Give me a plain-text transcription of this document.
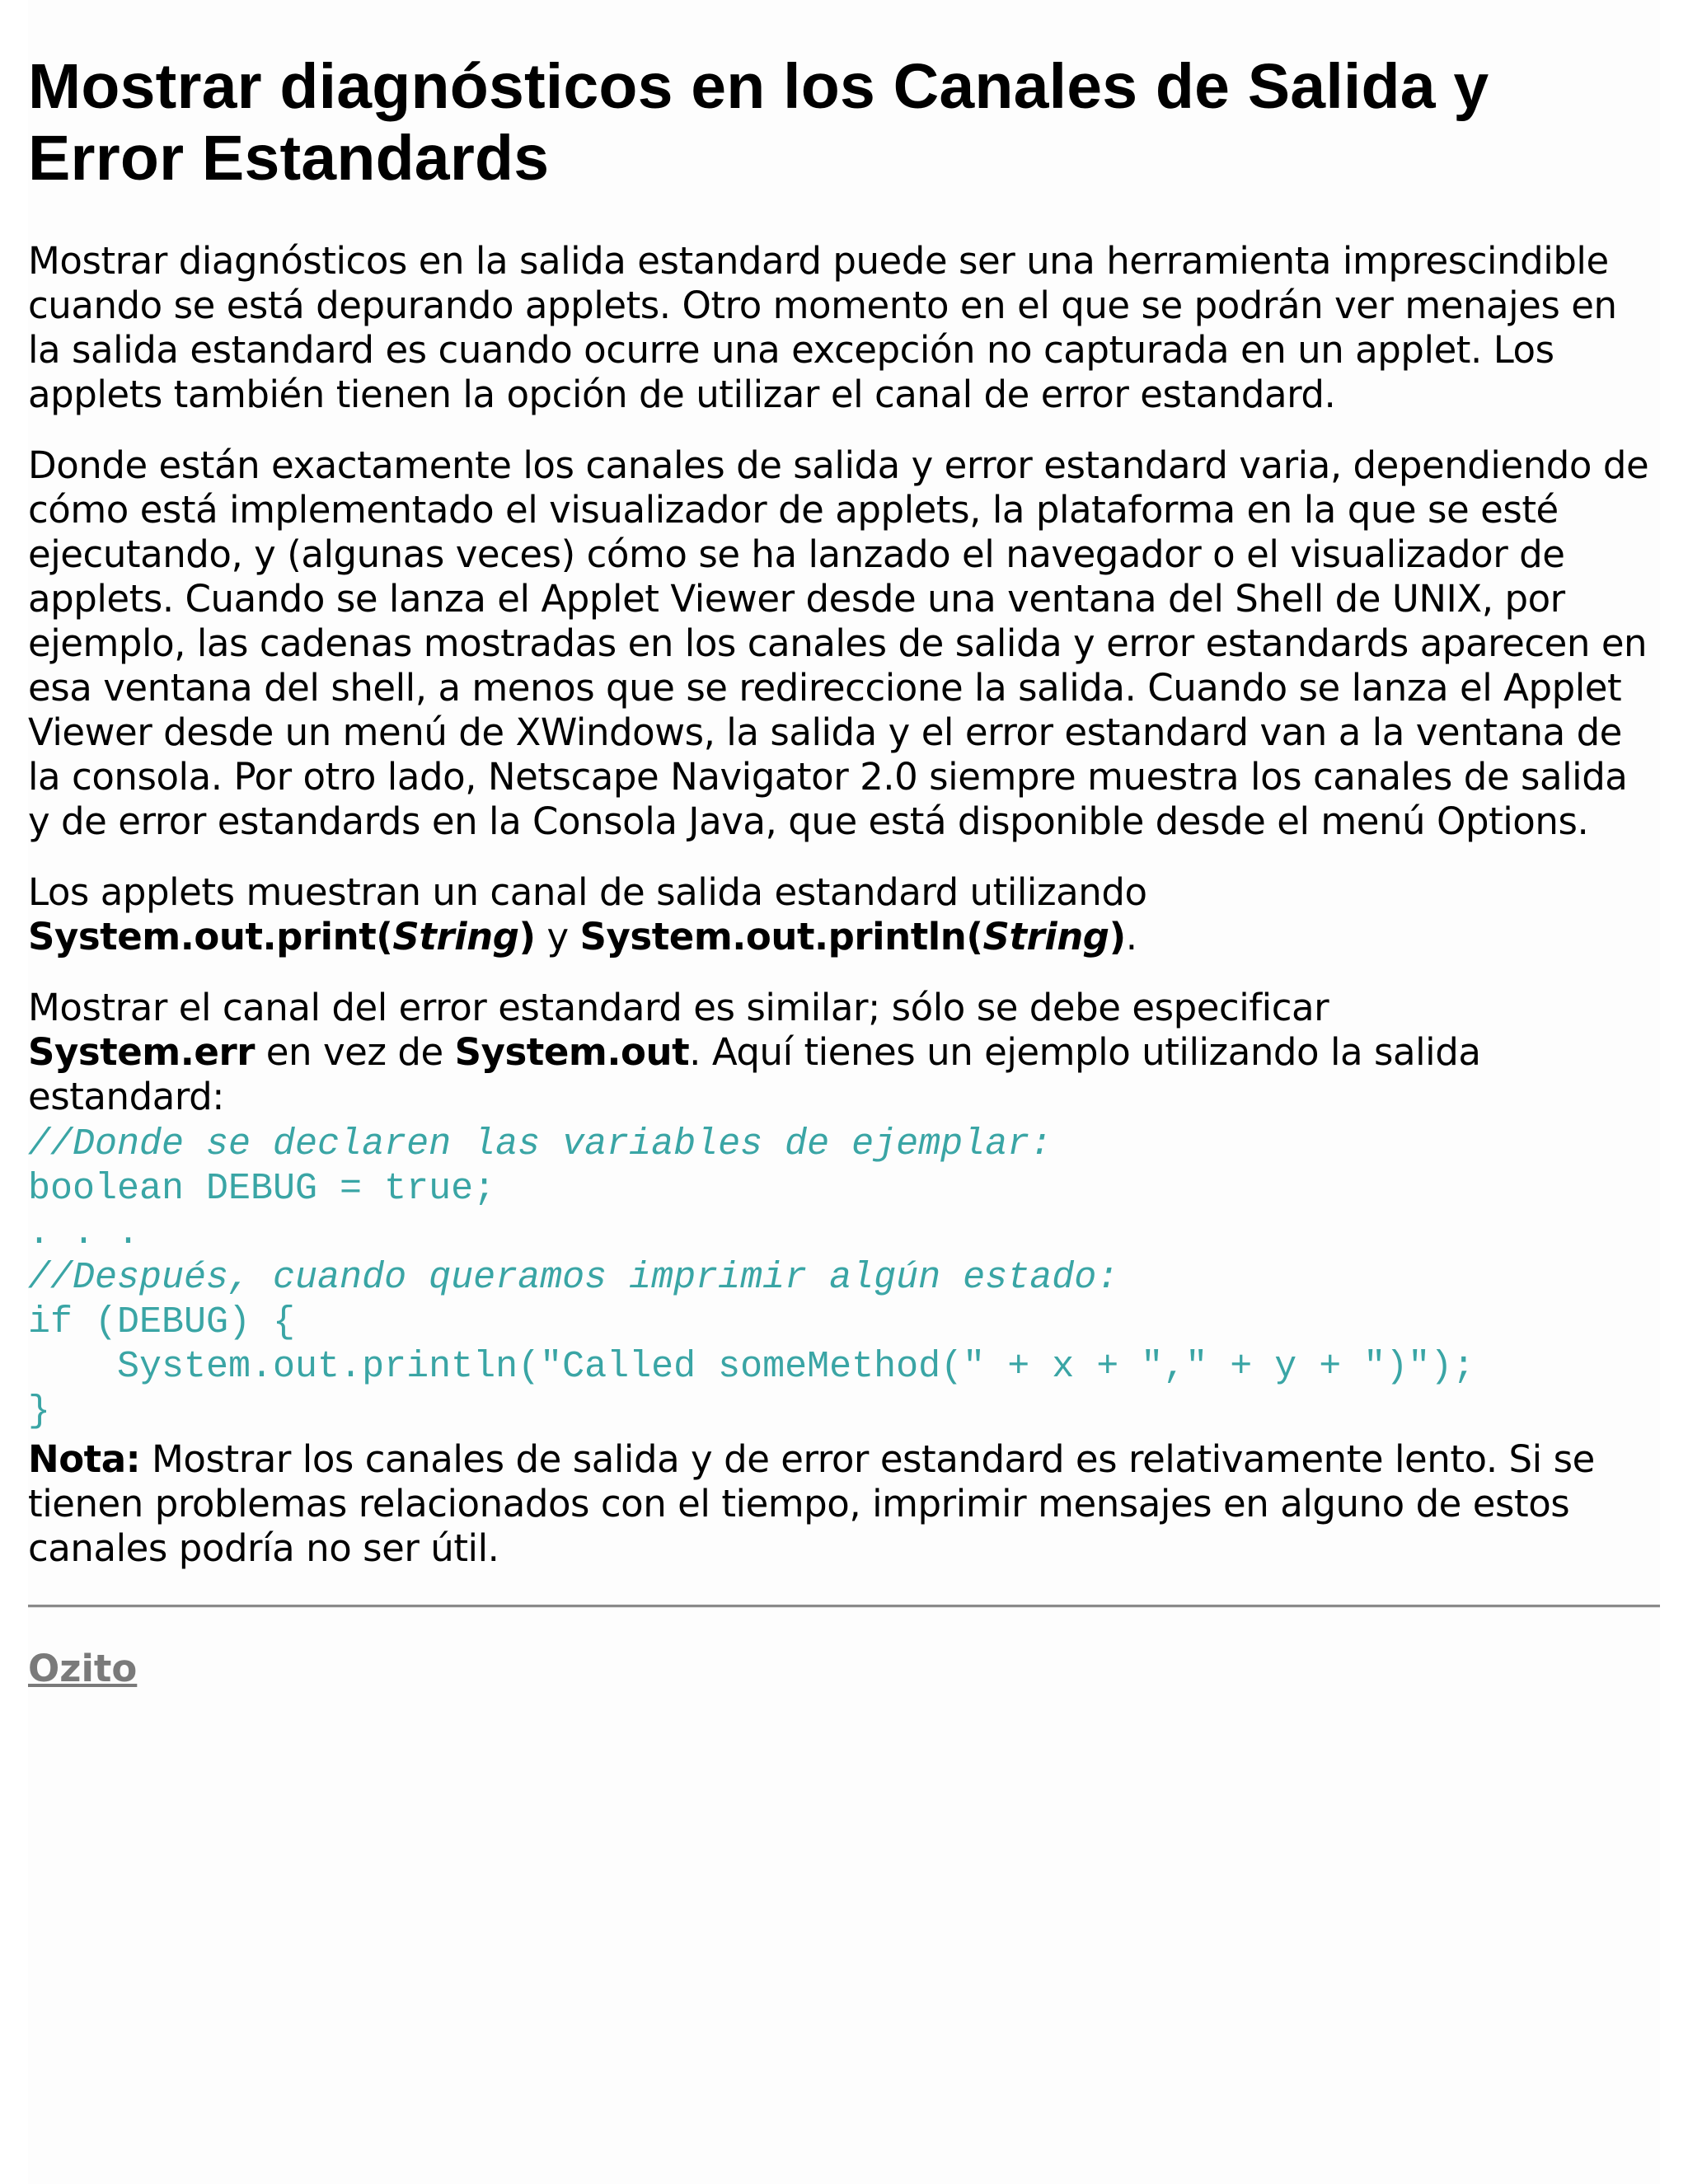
Mostrar diagnósticos en los Canales de Salida y Error Estandards

Mostrar diagnósticos en la salida estandard puede ser una herramienta imprescindible cuando se está depurando applets. Otro momento en el que se podrán ver menajes en la salida estandard es cuando ocurre una excepción no capturada en un applet. Los applets también tienen la opción de utilizar el canal de error estandard.

Donde están exactamente los canales de salida y error estandard varia, dependiendo de cómo está implementado el visualizador de applets, la plataforma en la que se esté ejecutando, y (algunas veces) cómo se ha lanzado el navegador o el visualizador de applets. Cuando se lanza el Applet Viewer desde una ventana del Shell de UNIX, por ejemplo, las cadenas mostradas en los canales de salida y error estandards aparecen en esa ventana del shell, a menos que se redireccione la salida. Cuando se lanza el Applet Viewer desde un menú de XWindows, la salida y el error estandard van a la ventana de la consola. Por otro lado, Netscape Navigator 2.0 siempre muestra los canales de salida y de error estandards en la Consola Java, que está disponible desde el menú Options.

Los applets muestran un canal de salida estandard utilizando
System.out.print(String) y System.out.println(String).

Mostrar el canal del error estandard es similar; sólo se debe especificar
System.err en vez de System.out. Aquí tienes un ejemplo utilizando la salida estandard:

//Donde se declaren las variables de ejemplar:
boolean DEBUG = true;
. . .
//Después, cuando queramos imprimir algún estado:
if (DEBUG) {
System.out.println("Called someMethod(" + x + "," + y + ")");
}

Nota: Mostrar los canales de salida y de error estandard es relativamente lento. Si se tienen problemas relacionados con el tiempo, imprimir mensajes en alguno de estos canales podría no ser útil.

Ozito
